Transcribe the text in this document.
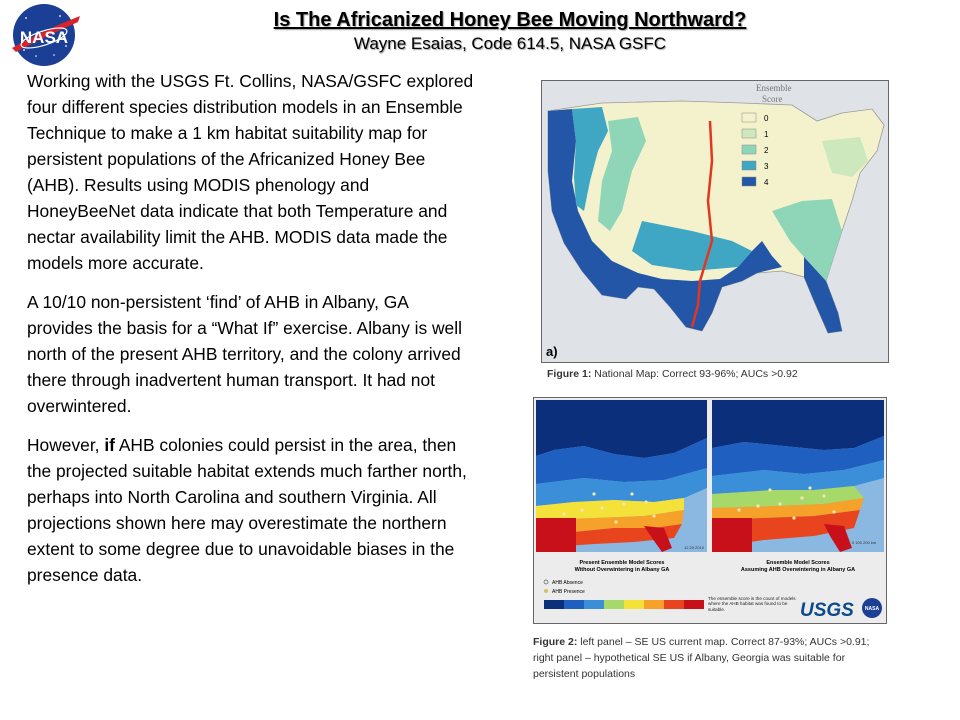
NASA
Is The Africanized Honey Bee Moving Northward?
Wayne Esaias, Code 614.5, NASA GSFC

Working with the USGS Ft. Collins, NASA/GSFC explored four different species distribution models in an Ensemble Technique to make a 1 km habitat suitability map for persistent populations of the Africanized Honey Bee (AHB). Results using MODIS phenology and HoneyBeeNet data indicate that both Temperature and nectar availability limit the AHB. MODIS data made the models more accurate.

A 10/10 non-persistent ‘find’ of AHB in Albany, GA provides the basis for a “What If” exercise. Albany is well north of the present AHB territory, and the colony arrived there through inadvertent human transport. It had not overwintered.

However, if AHB colonies could persist in the area, then the projected suitable habitat extends much farther north, perhaps into North Carolina and southern Virginia. All projections shown here may overestimate the northern extent to some degree due to unavoidable biases in the presence data.

Ensemble
Score
0
1
2
3
4
a)
Figure 1: National Map: Correct 93-96%; AUCs >0.92
12.20.2010
0 100 200 km
Present Ensemble Model Scores
Without Overwintering in Albany GA
Ensemble Model Scores
Assuming AHB Overwintering in Albany GA
AHB Absence
AHB Presence
The ensemble score is the count of models where the AHB habitat was found to be suitable.	USGS NASA
Figure 2: left panel – SE US current map. Correct 87-93%; AUCs >0.91; right panel – hypothetical SE US if Albany, Georgia was suitable for persistent populations
